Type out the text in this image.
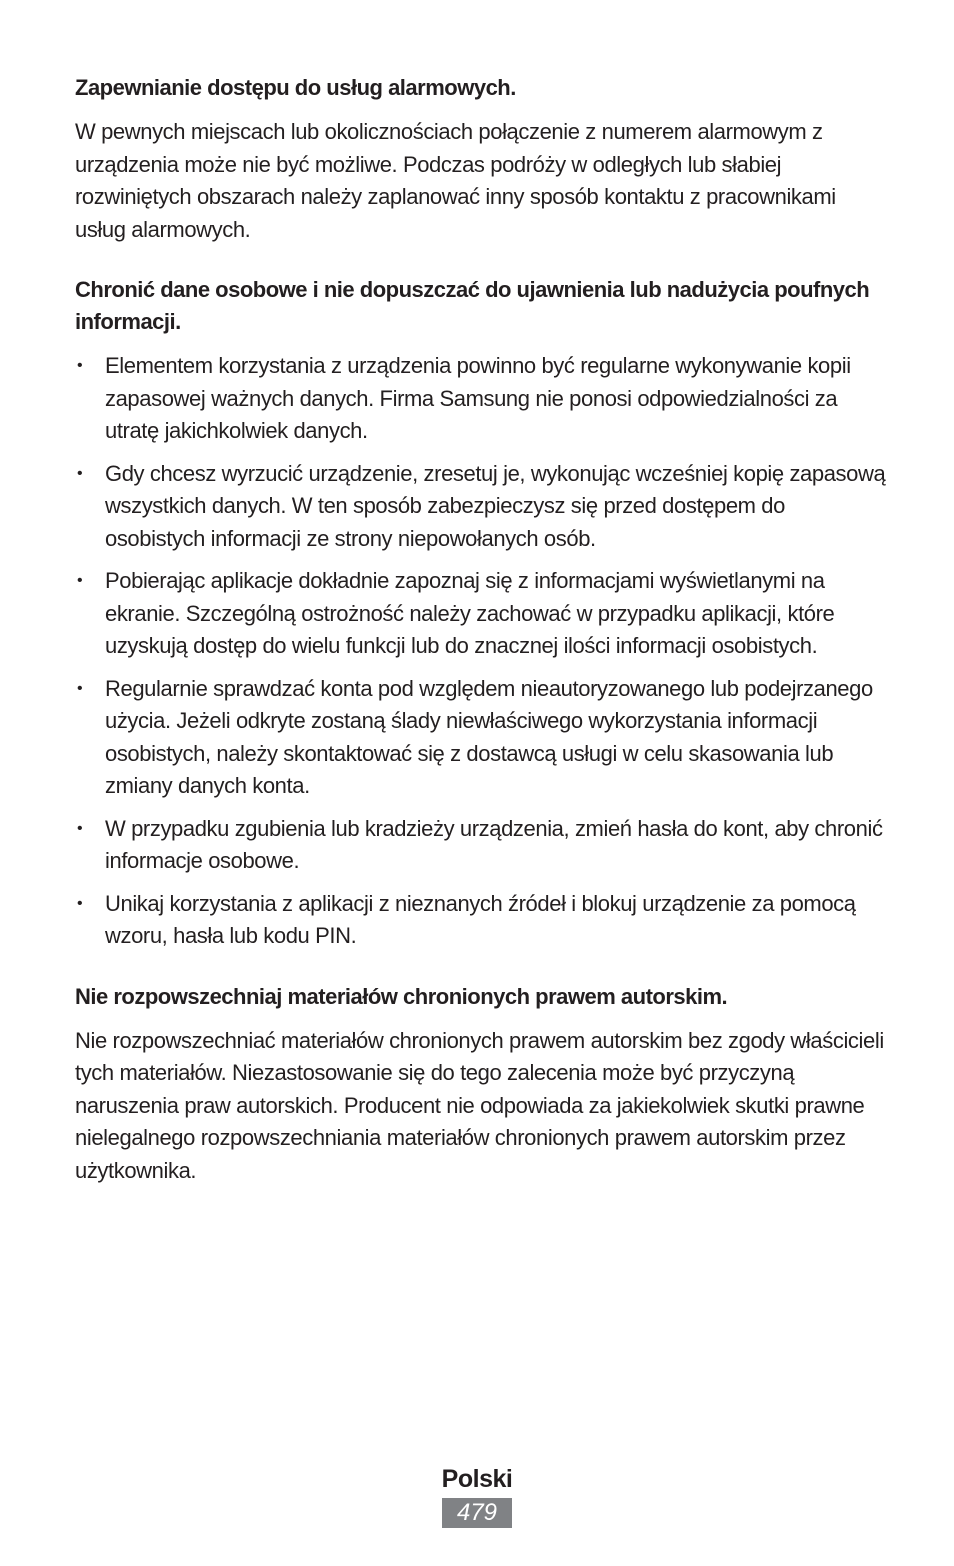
Zapewnianie dostępu do usług alarmowych.

W pewnych miejscach lub okolicznościach połączenie z numerem alarmowym z urządzenia może nie być możliwe. Podczas podróży w odległych lub słabiej rozwiniętych obszarach należy zaplanować inny sposób kontaktu z pracownikami usług alarmowych.

Chronić dane osobowe i nie dopuszczać do ujawnienia lub nadużycia poufnych informacji.

• Elementem korzystania z urządzenia powinno być regularne wykonywanie kopii zapasowej ważnych danych. Firma Samsung nie ponosi odpowiedzialności za utratę jakichkolwiek danych.
• Gdy chcesz wyrzucić urządzenie, zresetuj je, wykonując wcześniej kopię zapasową wszystkich danych. W ten sposób zabezpieczysz się przed dostępem do osobistych informacji ze strony niepowołanych osób.
• Pobierając aplikacje dokładnie zapoznaj się z informacjami wyświetlanymi na ekranie. Szczególną ostrożność należy zachować w przypadku aplikacji, które uzyskują dostęp do wielu funkcji lub do znacznej ilości informacji osobistych.
• Regularnie sprawdzać konta pod względem nieautoryzowanego lub podejrzanego użycia. Jeżeli odkryte zostaną ślady niewłaściwego wykorzystania informacji osobistych, należy skontaktować się z dostawcą usługi w celu skasowania lub zmiany danych konta.
• W przypadku zgubienia lub kradzieży urządzenia, zmień hasła do kont, aby chronić informacje osobowe.
• Unikaj korzystania z aplikacji z nieznanych źródeł i blokuj urządzenie za pomocą wzoru, hasła lub kodu PIN.

Nie rozpowszechniaj materiałów chronionych prawem autorskim.

Nie rozpowszechniać materiałów chronionych prawem autorskim bez zgody właścicieli tych materiałów. Niezastosowanie się do tego zalecenia może być przyczyną naruszenia praw autorskich. Producent nie odpowiada za jakiekolwiek skutki prawne nielegalnego rozpowszechniania materiałów chronionych prawem autorskim przez użytkownika.

Polski
479
